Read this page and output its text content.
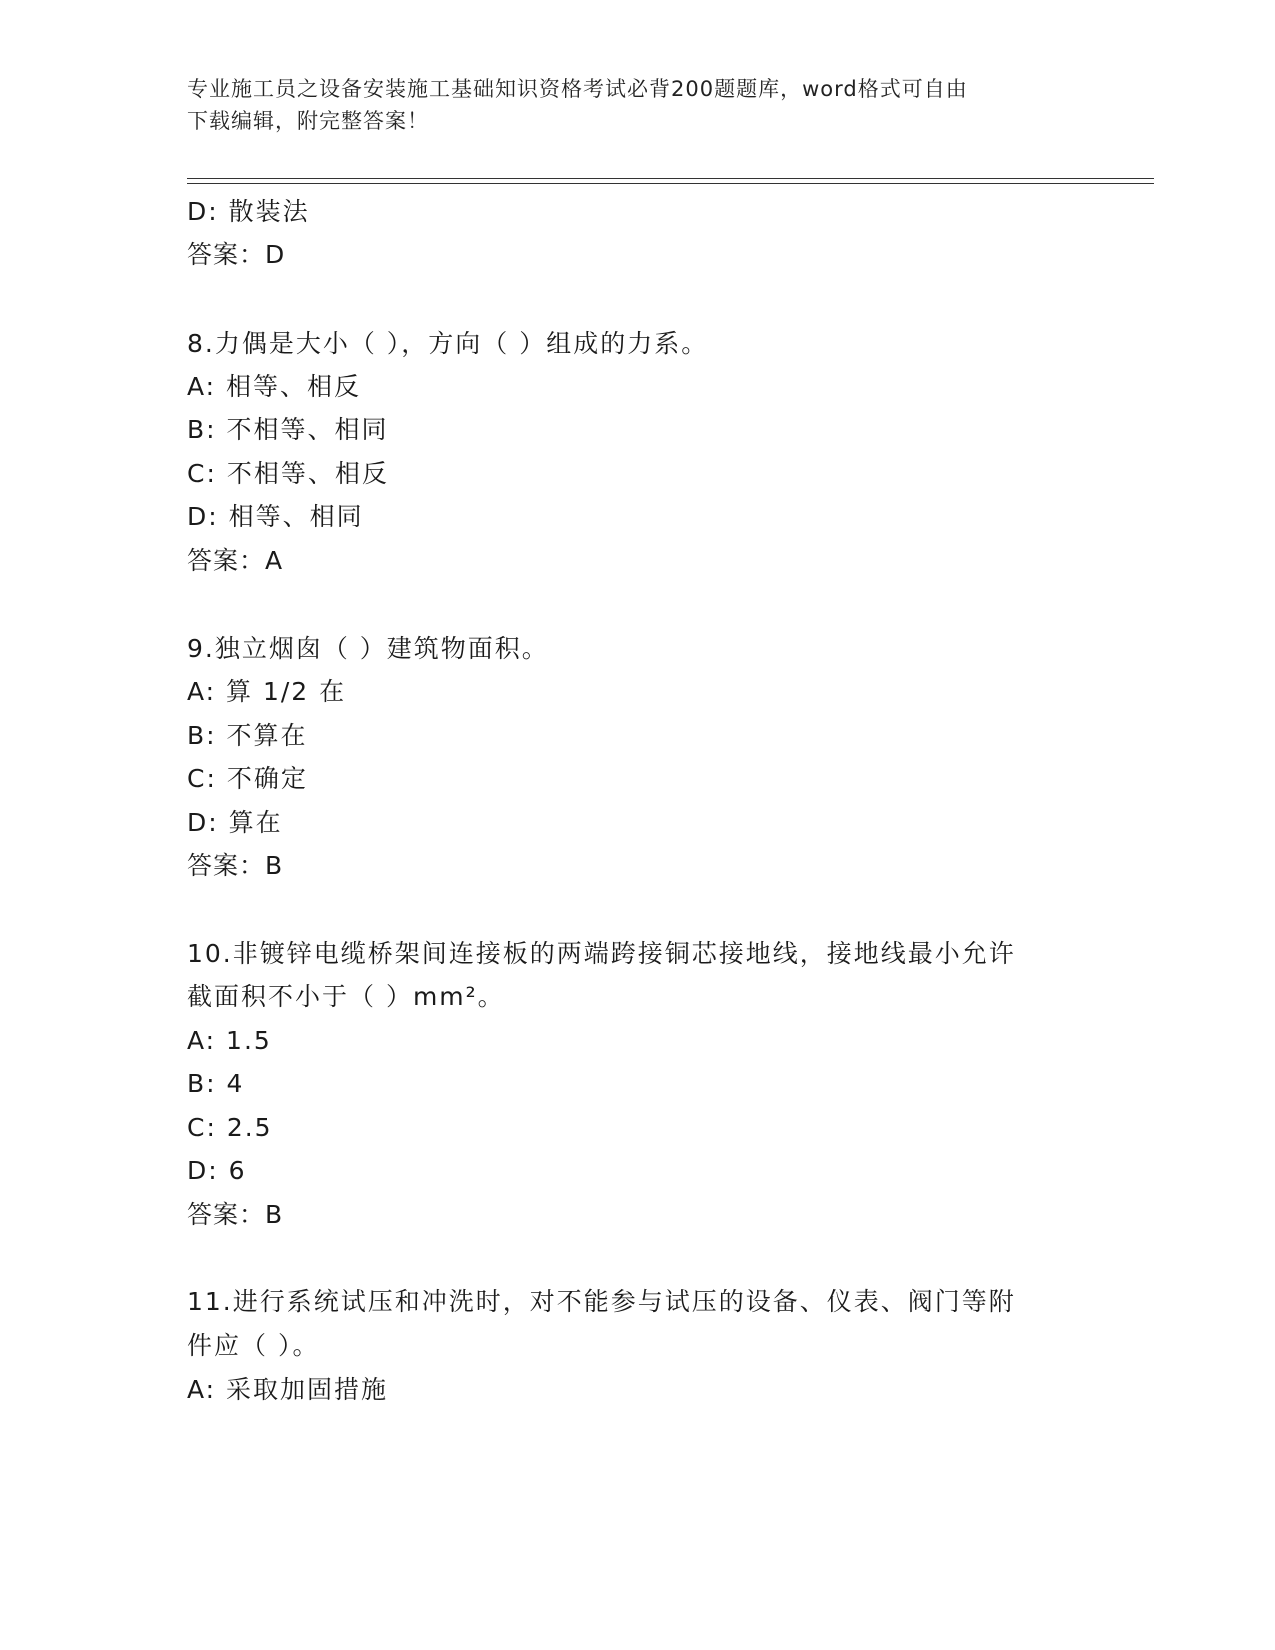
专业施工员之设备安装施工基础知识资格考试必背200题题库，word格式可自由
下载编辑，附完整答案！
D: 散装法
答案：D
8.力偶是大小（ ），方向（ ）组成的力系。
A: 相等、相反
B: 不相等、相同
C: 不相等、相反
D: 相等、相同
答案：A
9.独立烟囱（ ）建筑物面积。
A: 算 1/2 在
B: 不算在
C: 不确定
D: 算在
答案：B
10.非镀锌电缆桥架间连接板的两端跨接铜芯接地线，接地线最小允许
截面积不小于（ ）mm²。
A: 1.5
B: 4
C: 2.5
D: 6
答案：B
11.进行系统试压和冲洗时，对不能参与试压的设备、仪表、阀门等附
件应（ ）。
A: 采取加固措施
